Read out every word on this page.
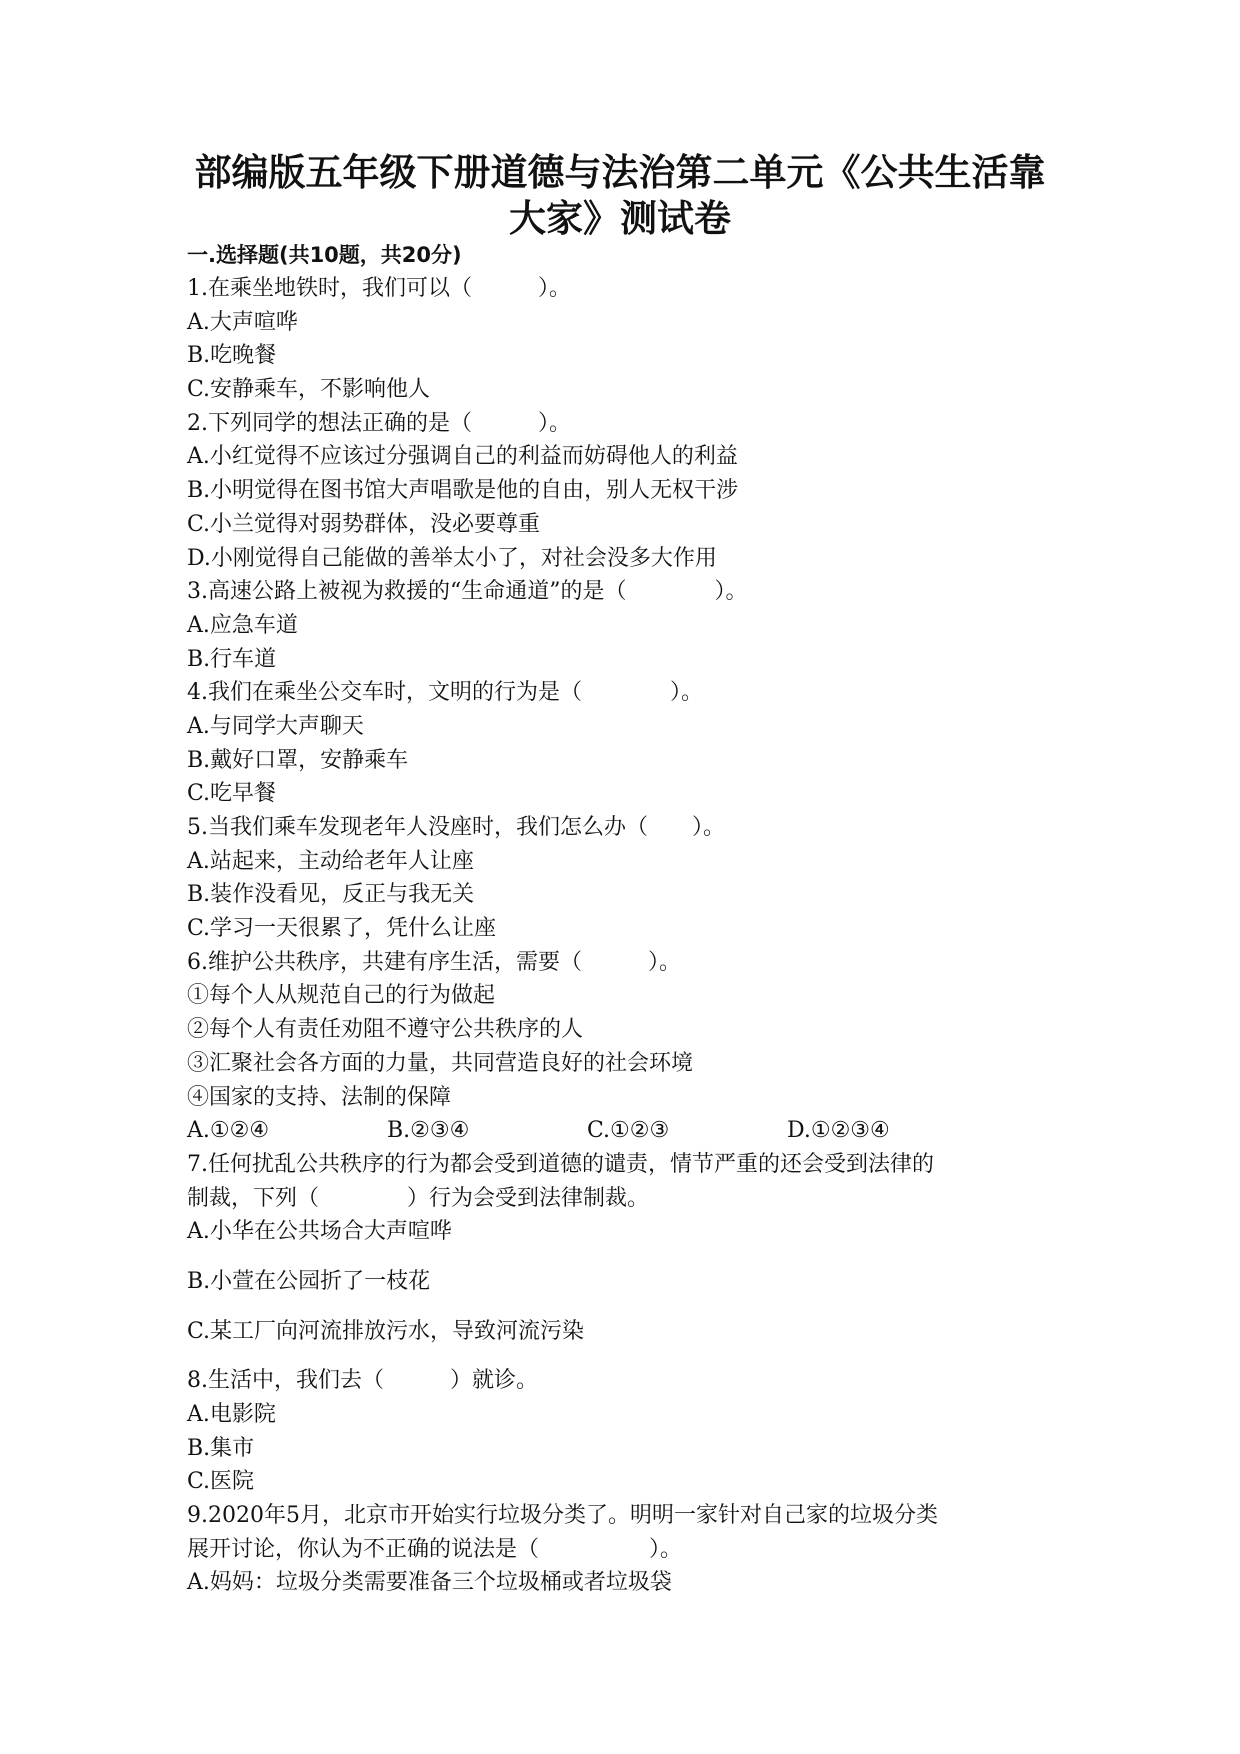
部编版五年级下册道德与法治第二单元《公共生活靠
大家》测试卷
一.选择题(共10题，共20分)
1.在乘坐地铁时，我们可以（　　　）。
A.大声喧哗
B.吃晚餐
C.安静乘车，不影响他人
2.下列同学的想法正确的是（　　　）。
A.小红觉得不应该过分强调自己的利益而妨碍他人的利益
B.小明觉得在图书馆大声唱歌是他的自由，别人无权干涉
C.小兰觉得对弱势群体，没必要尊重
D.小刚觉得自己能做的善举太小了，对社会没多大作用
3.高速公路上被视为救援的“生命通道”的是（　　　　）。
A.应急车道
B.行车道
4.我们在乘坐公交车时，文明的行为是（　　　　）。
A.与同学大声聊天
B.戴好口罩，安静乘车
C.吃早餐
5.当我们乘车发现老年人没座时，我们怎么办（　　）。
A.站起来，主动给老年人让座
B.装作没看见，反正与我无关
C.学习一天很累了，凭什么让座
6.维护公共秩序，共建有序生活，需要（　　　）。
①每个人从规范自己的行为做起
②每个人有责任劝阻不遵守公共秩序的人
③汇聚社会各方面的力量，共同营造良好的社会环境
④国家的支持、法制的保障
A.①②④	B.②③④	C.①②③	D.①②③④
7.任何扰乱公共秩序的行为都会受到道德的谴责，情节严重的还会受到法律的
制裁，下列（　　　　）行为会受到法律制裁。
A.小华在公共场合大声喧哗
B.小萱在公园折了一枝花
C.某工厂向河流排放污水，导致河流污染
8.生活中，我们去（　　　）就诊。
A.电影院
B.集市
C.医院
9.2020年5月，北京市开始实行垃圾分类了。明明一家针对自己家的垃圾分类
展开讨论，你认为不正确的说法是（　　　　　）。
A.妈妈：垃圾分类需要准备三个垃圾桶或者垃圾袋
